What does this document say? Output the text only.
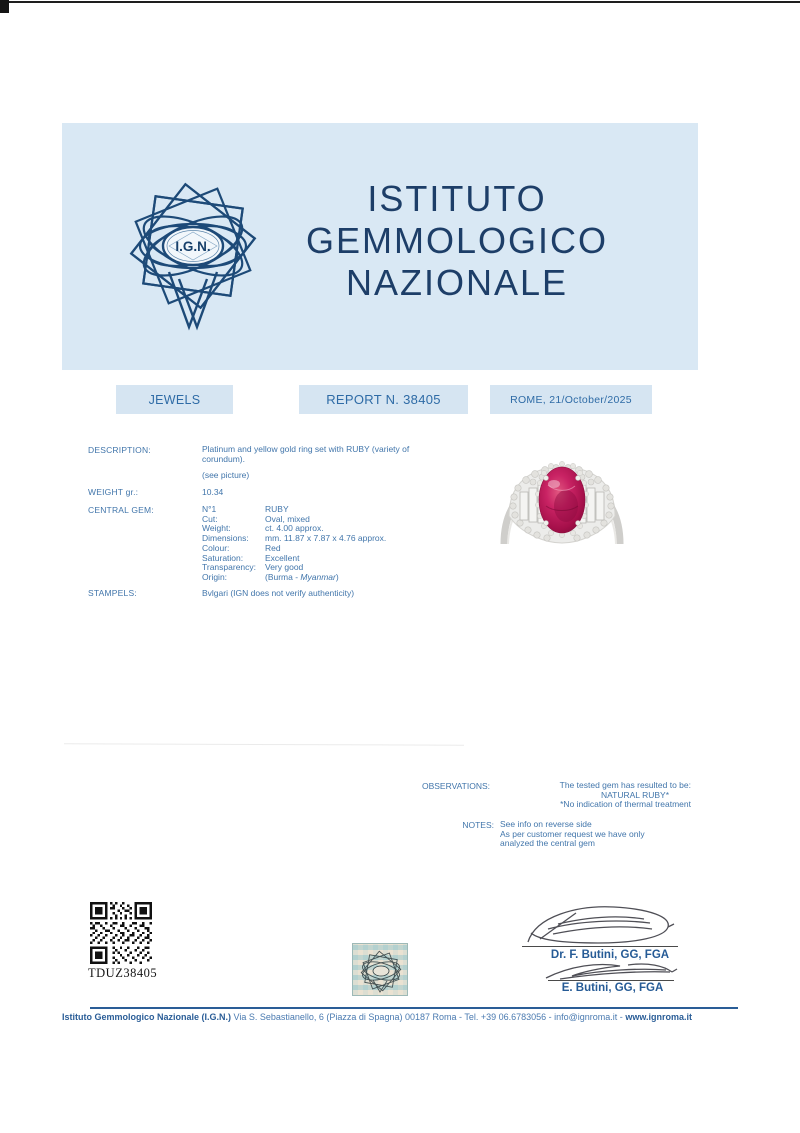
I.G.N.
ISTITUTO
GEMMOLOGICO
NAZIONALE
JEWELS	REPORT N. 38405	ROME, 21/October/2025
DESCRIPTION:	Platinum and yellow gold ring set with RUBY (variety of
corundum).
(see picture)
WEIGHT gr.:	10.34
CENTRAL GEM:	N°1	RUBY
Cut:	Oval, mixed
Weight:	ct. 4.00 approx.
Dimensions: mm. 11.87 x 7.87 x 4.76 approx.
Colour:	Red
Saturation:	Excellent
Transparency: Very good
Origin:	(Burma - Myanmar)
STAMPELS:	Bvlgari (IGN does not verify authenticity)
OBSERVATIONS:	The tested gem has resulted to be:
NATURAL RUBY*
*No indication of thermal treatment
NOTES: See info on reverse side
As per customer request we have only
analyzed the central gem
TDUZ38405
Dr. F. Butini, GG, FGA
E. Butini, GG, FGA
Istituto Gemmologico Nazionale (I.G.N.) Via S. Sebastianello, 6 (Piazza di Spagna) 00187 Roma - Tel. +39 06.6783056 - info@ignroma.it - www.ignroma.it
